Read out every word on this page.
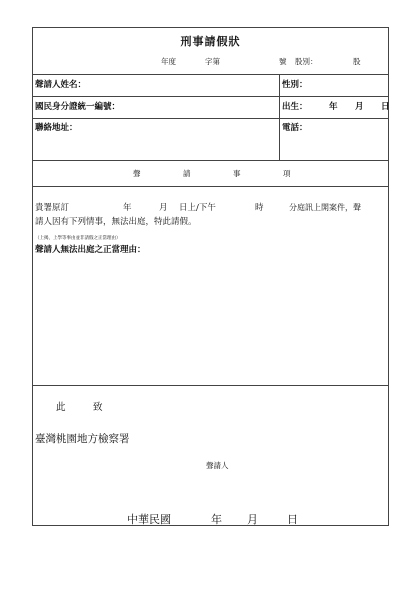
刑事請假狀
年度	字第	號 股別：	股
聲請人姓名：	性別：
國民身分證統一編號：	出生：	年 月 日
聯絡地址：	電話：
聲	請	事	項
貴署原訂	年	月 日上/下午	時	分庭訊上開案件，聲
請人因有下列情事，無法出庭，特此請假。
（上揭，上學等事由並非請假之正當理由）
聲請人無法出庭之正當理由：
此	致
臺灣桃園地方檢察署
聲請人
中華民國	年 月	日
